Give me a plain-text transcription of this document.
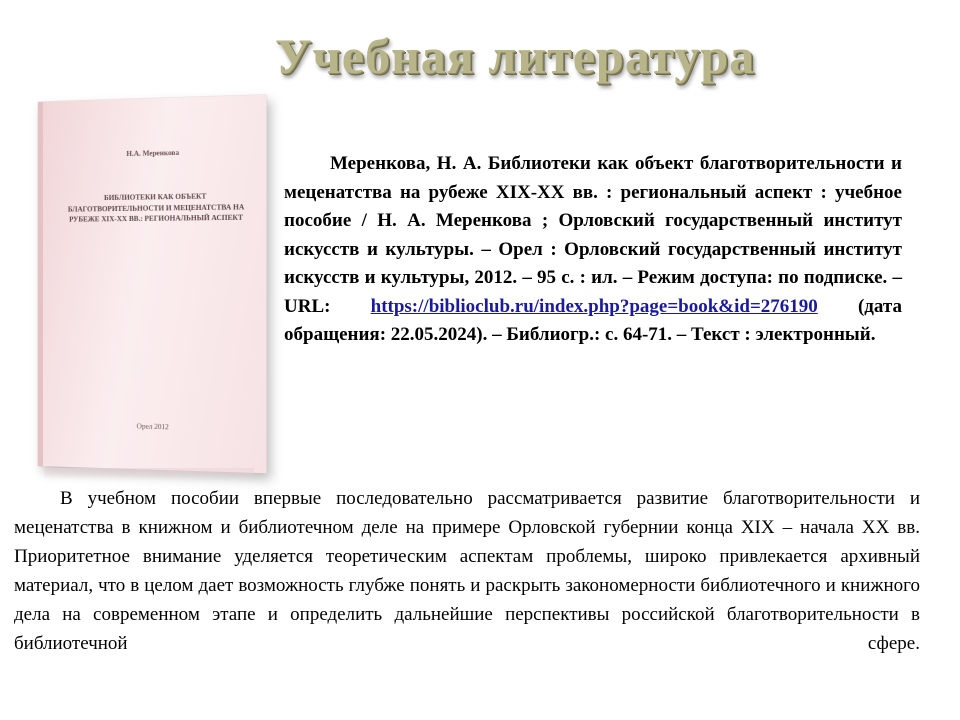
Учебная литература
Н.А. Меренкова
БИБЛИОТЕКИ КАК ОБЪЕКТ БЛАГОТВОРИТЕЛЬНОСТИ И МЕЦЕНАТСТВА НА РУБЕЖЕ XIX-XX ВВ.: РЕГИОНАЛЬНЫЙ АСПЕКТ
Орел 2012

Меренкова, Н. А. Библиотеки как объект благотворительности и меценатства на рубеже XIX-XX вв. : региональный аспект : учебное пособие / Н. А. Меренкова ; Орловский государственный институт искусств и культуры. – Орел : Орловский государственный институт искусств и культуры, 2012. – 95 с. : ил. – Режим доступа: по подписке. – URL: https://biblioclub.ru/index.php?page=book&id=276190 (дата обращения: 22.05.2024). – Библиогр.: с. 64-71. – Текст : электронный.

В учебном пособии впервые последовательно рассматривается развитие благотворительности и меценатства в книжном и библиотечном деле на примере Орловской губернии конца XIX – начала XX вв. Приоритетное внимание уделяется теоретическим аспектам проблемы, широко привлекается архивный материал, что в целом дает возможность глубже понять и раскрыть закономерности библиотечного и книжного дела на современном этапе и определить дальнейшие перспективы российской благотворительности в библиотечной сфере.
